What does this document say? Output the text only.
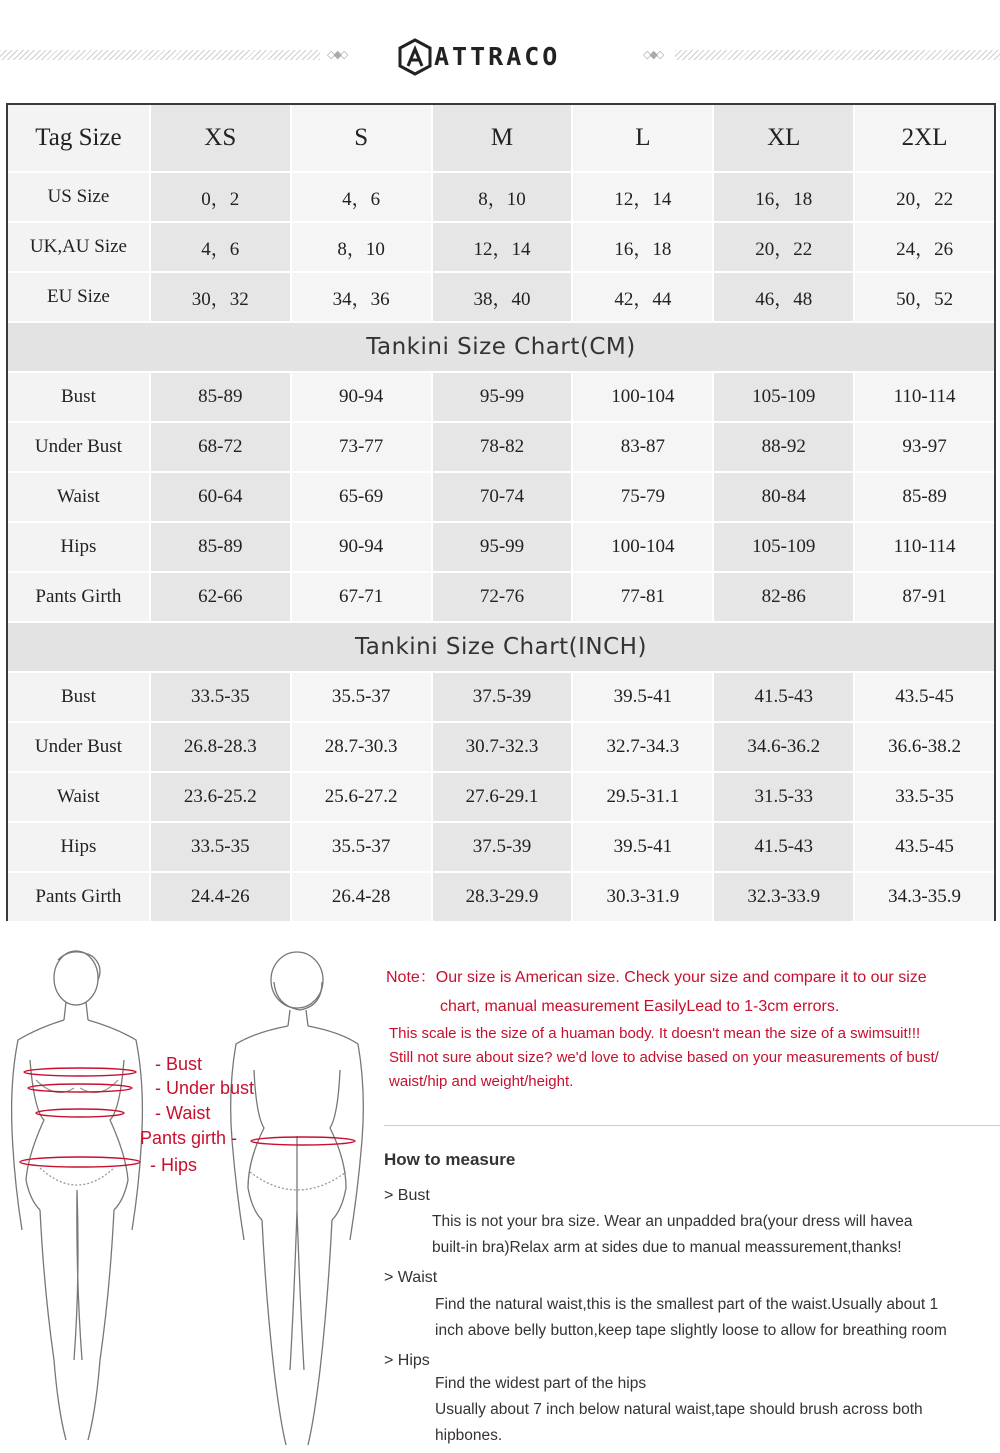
◇◆◇	ATTRACO	◇◆◇
Tag Size	XS	S	M	L	XL	2XL
US Size	0，2	4，6	8，10	12，14	16，18	20，22
UK,AU Size	4，6	8，10	12，14	16，18	20，22	24，26
EU Size	30，32	34，36	38，40	42，44	46，48	50，52
Tankini Size Chart(CM)
Bust	85-89	90-94	95-99	100-104	105-109	110-114
Under Bust	68-72	73-77	78-82	83-87	88-92	93-97
Waist	60-64	65-69	70-74	75-79	80-84	85-89
Hips	85-89	90-94	95-99	100-104	105-109	110-114
Pants Girth	62-66	67-71	72-76	77-81	82-86	87-91
Tankini Size Chart(INCH)
Bust	33.5-35	35.5-37	37.5-39	39.5-41	41.5-43	43.5-45
Under Bust	26.8-28.3	28.7-30.3	30.7-32.3	32.7-34.3	34.6-36.2	36.6-38.2
Waist	23.6-25.2	25.6-27.2	27.6-29.1	29.5-31.1	31.5-33	33.5-35
Hips	33.5-35	35.5-37	37.5-39	39.5-41	41.5-43	43.5-45
Pants Girth	24.4-26	26.4-28	28.3-29.9	30.3-31.9	32.3-33.9	34.3-35.9
- Bust
- Under bust
- Waist
Pants girth -
- Hips
Note：Our size is American size. Check your size and compare it to our size
chart, manual measurement EasilyLead to 1-3cm errors.
This scale is the size of a huaman body. It doesn't mean the size of a swimsuit!!!
Still not sure about size? we'd love to advise based on your measurements of bust/
waist/hip and weight/height.
How to measure
> Bust
This is not your bra size. Wear an unpadded bra(your dress will havea
built-in bra)Relax arm at sides due to manual meassurement,thanks!
> Waist
Find the natural waist,this is the smallest part of the waist.Usually about 1
inch above belly button,keep tape slightly loose to allow for breathing room
> Hips
Find the widest part of the hips
Usually about 7 inch below natural waist,tape should brush across both
hipbones.
